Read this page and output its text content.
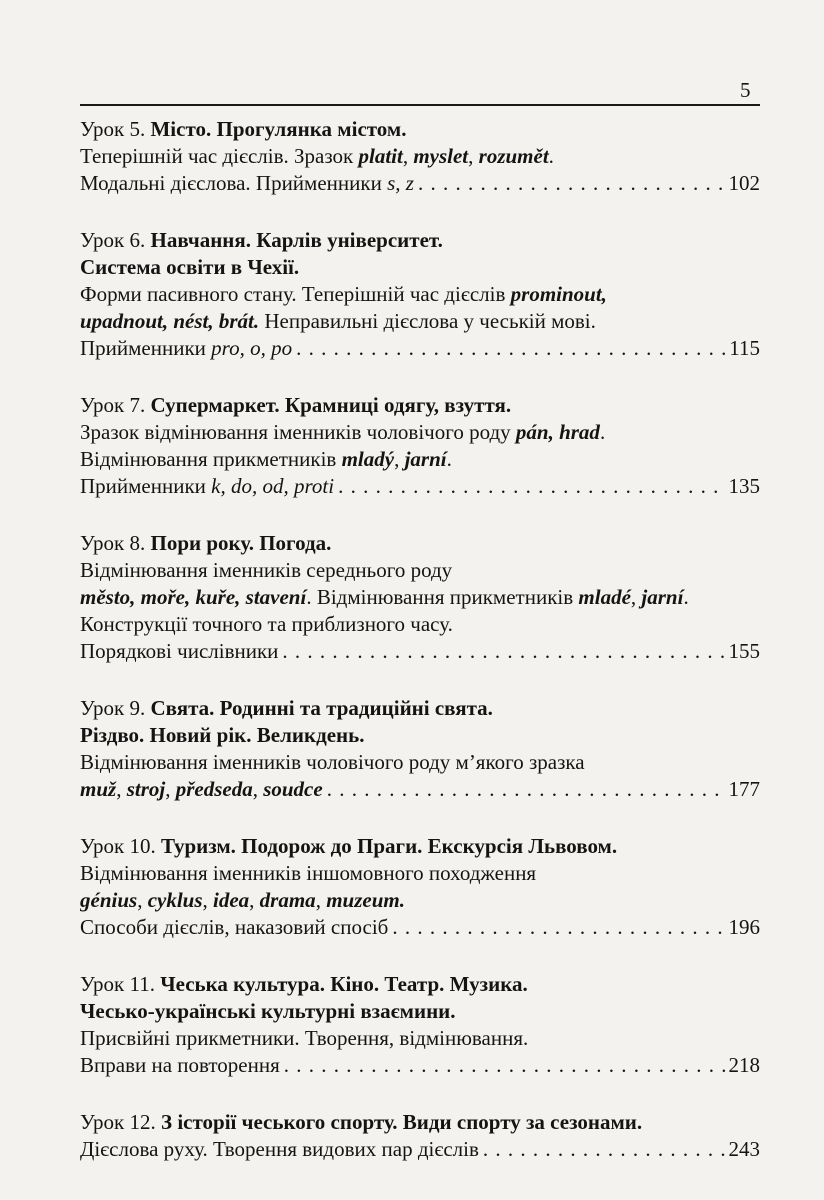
5
Урок 5. Місто. Прогулянка містом.
Теперішній час дієслів. Зразок platit, myslet, rozumět.
Модальні дієслова. Прийменники s, z . . .	102
Урок 6. Навчання. Карлів університет.
Система освіти в Чехії.
Форми пасивного стану. Теперішній час дієслів prominout,
upadnout, nést, brát. Неправильні дієслова у чеській мові.
Прийменники pro, o, po . . .	115
Урок 7. Супермаркет. Крамниці одягу, взуття.
Зразок відмінювання іменників чоловічого роду pán, hrad.
Відмінювання прикметників mladý, jarní.
Прийменники k, do, od, proti . . .	135
Урок 8. Пори року. Погода.
Відмінювання іменників середнього роду
město, moře, kuře, stavení. Відмінювання прикметників mladé, jarní.
Конструкції точного та приблизного часу.
Порядкові числівники . . .	155
Урок 9. Свята. Родинні та традиційні свята.
Різдво. Новий рік. Великдень.
Відмінювання іменників чоловічого роду м’якого зразка
muž, stroj, předseda, soudce . . .	177
Урок 10. Туризм. Подорож до Праги. Екскурсія Львовом.
Відмінювання іменників іншомовного походження
génius, cyklus, idea, drama, muzeum.
Способи дієслів, наказовий спосіб . . .	196
Урок 11. Чеська культура. Кіно. Театр. Музика.
Чесько-українські культурні взаємини.
Присвійні прикметники. Творення, відмінювання.
Вправи на повторення . . .	218
Урок 12. З історії чеського спорту. Види спорту за сезонами.
Дієслова руху. Творення видових пар дієслів . . .	243
